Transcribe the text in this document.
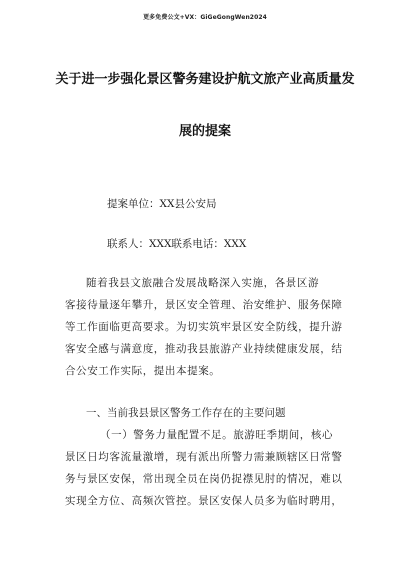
更多免费公文+VX：GiGeGongWen2024
关于进一步强化景区警务建设护航文旅产业高质量发
展的提案
提案单位：XX县公安局
联系人：XXX联系电话：XXX
随着我县文旅融合发展战略深入实施，各景区游
客接待量逐年攀升，景区安全管理、治安维护、服务保障
等工作面临更高要求。为切实筑牢景区安全防线，提升游
客安全感与满意度，推动我县旅游产业持续健康发展，结
合公安工作实际，提出本提案。
一、当前我县景区警务工作存在的主要问题
（一）警务力量配置不足。旅游旺季期间，核心
景区日均客流量激增，现有派出所警力需兼顾辖区日常警
务与景区安保，常出现全员在岗仍捉襟见肘的情况，难以
实现全方位、高频次管控。景区安保人员多为临时聘用，
